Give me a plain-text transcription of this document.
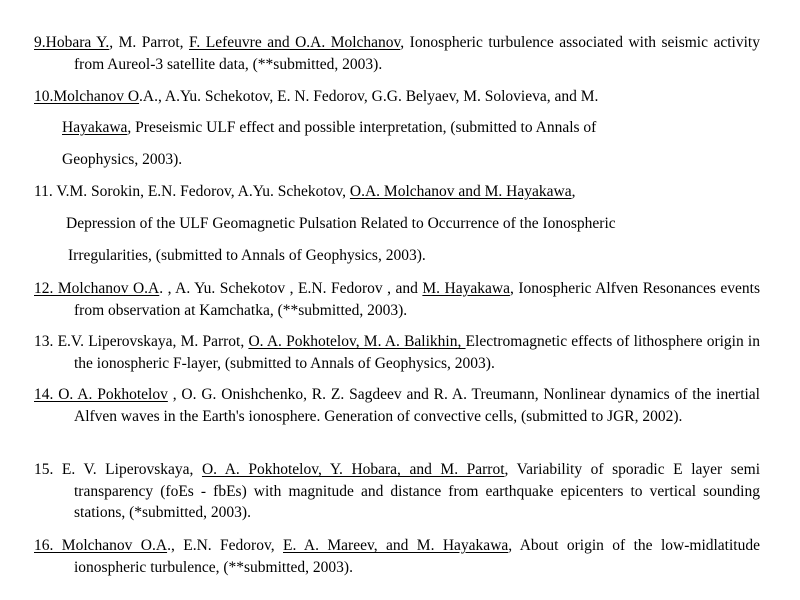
9.Hobara Y., M. Parrot, F. Lefeuvre and O.A. Molchanov, Ionospheric turbulence associated with seismic activity from Aureol-3 satellite data, (**submitted, 2003).
10.Molchanov O.A., A.Yu. Schekotov, E. N. Fedorov, G.G. Belyaev, M. Solovieva, and M.
Hayakawa, Preseismic ULF effect and possible interpretation, (submitted to Annals of
Geophysics, 2003).
11. V.M. Sorokin, E.N. Fedorov, A.Yu. Schekotov, O.A. Molchanov and M. Hayakawa,
Depression of the ULF Geomagnetic Pulsation Related to Occurrence of the Ionospheric
Irregularities, (submitted to Annals of Geophysics, 2003).
12. Molchanov O.A. , A. Yu. Schekotov , E.N. Fedorov , and M. Hayakawa, Ionospheric Alfven Resonances events from observation at Kamchatka, (**submitted, 2003).
13. E.V. Liperovskaya, M. Parrot, O. A. Pokhotelov, M. A. Balikhin, Electromagnetic effects of lithosphere origin in the ionospheric F-layer, (submitted to Annals of Geophysics, 2003).
14. O. A. Pokhotelov , O. G. Onishchenko, R. Z. Sagdeev and R. A. Treumann, Nonlinear dynamics of the inertial Alfven waves in the Earth's ionosphere. Generation of convective cells, (submitted to JGR, 2002).
15. E. V. Liperovskaya, O. A. Pokhotelov, Y. Hobara, and M. Parrot, Variability of sporadic E layer semi transparency (foEs - fbEs) with magnitude and distance from earthquake epicenters to vertical sounding stations, (*submitted, 2003).
16. Molchanov O.A., E.N. Fedorov, E. A. Mareev, and M. Hayakawa, About origin of the low-midlatitude ionospheric turbulence, (**submitted, 2003).
